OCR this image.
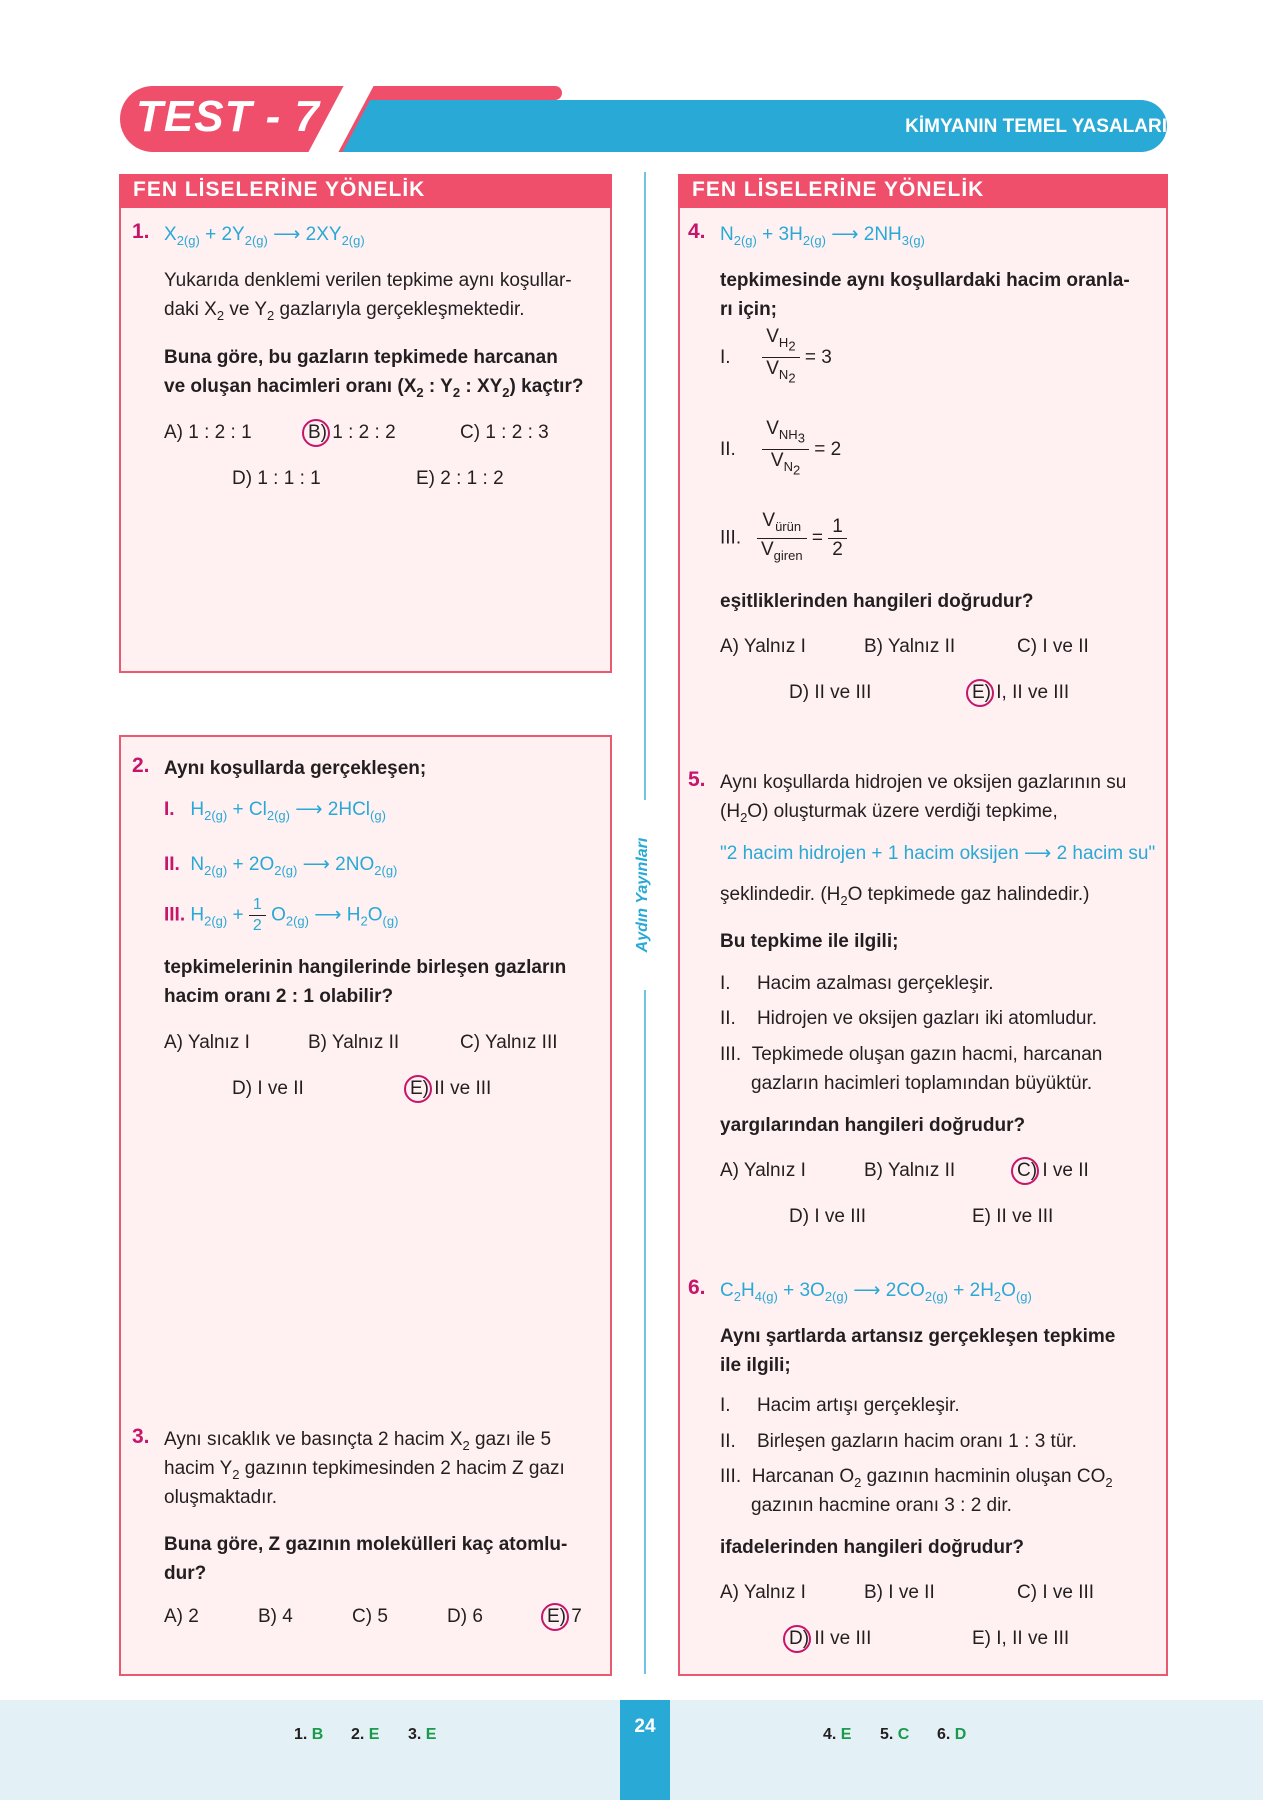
TEST - 7	KİMYANIN TEMEL YASALARI
FEN LİSELERİNE YÖNELİK	FEN LİSELERİNE YÖNELİK
Aydın Yayınları
1. $X_{2(g)} + 2Y_{2(g)}$ ⟶ $2XY_{2(g)}$
Yukarıda denklemi verilen tepkime aynı koşullar-
daki $X_2$ ve $Y_2$ gazlarıyla gerçekleşmektedir.
Buna göre, bu gazların tepkimede harcanan
ve oluşan hacimleri oranı ($X_2$ : $Y_2$ : $XY_2$) kaçtır?
A) 1 : 2 : 1	B) 1 : 2 : 2	C) 1 : 2 : 3
D) 1 : 1 : 1	E) 2 : 1 : 2
2. Aynı koşullarda gerçekleşen;
I.   $H_{2(g)} + Cl_{2(g)}$ ⟶ 2HCl$_{(g)}$
II.  $N_{2(g)} + 2O_{2(g)}$ ⟶ $2NO_{2(g)}$
III. $H_{2(g)} + \frac{1}{2} O_{2(g)}$ ⟶ $H_2O_{(g)}$
tepkimelerinin hangilerinde birleşen gazların
hacim oranı 2 : 1 olabilir?
A) Yalnız I	B) Yalnız II	C) Yalnız III
D) I ve II	E) II ve III
3. Aynı sıcaklık ve basınçta 2 hacim $X_2$ gazı ile 5
hacim $Y_2$ gazının tepkimesinden 2 hacim Z gazı
oluşmaktadır.
Buna göre, Z gazının molekülleri kaç atomlu-
dur?
A) 2	B) 4	C) 5	D) 6	E) 7
4. $N_{2(g)} + 3H_{2(g)}$ ⟶ $2NH_{3(g)}$
tepkimesinde aynı koşullardaki hacim oranla-
rı için;
I. $\frac{V_{H_2}}{V_{N_2}} = 3$
II. $\frac{V_{NH_3}}{V_{N_2}} = 2$
III. $\frac{V_{ürün}}{V_{giren}} = \frac{1}{2}$
eşitliklerinden hangileri doğrudur?
A) Yalnız I	B) Yalnız II	C) I ve II
D) II ve III	E) I, II ve III
5. Aynı koşullarda hidrojen ve oksijen gazlarının su
$(H_2O)$ oluşturmak üzere verdiği tepkime,
"2 hacim hidrojen + 1 hacim oksijen ⟶ 2 hacim su"
şeklindedir. ($H_2O$ tepkimede gaz halindedir.)
Bu tepkime ile ilgili;
I.     Hacim azalması gerçekleşir.
II.    Hidrojen ve oksijen gazları iki atomludur.
III.  Tepkimede oluşan gazın hacmi, harcanan
gazların hacimleri toplamından büyüktür.
yargılarından hangileri doğrudur?
A) Yalnız I	B) Yalnız II	C) I ve II
D) I ve III	E) II ve III
6. $C_2H_{4(g)} + 3O_{2(g)}$ ⟶ $2CO_{2(g)} + 2H_2O_{(g)}$
Aynı şartlarda artansız gerçekleşen tepkime
ile ilgili;
I.     Hacim artışı gerçekleşir.
II.    Birleşen gazların hacim oranı 1 : 3 tür.
III.  Harcanan $O_2$ gazının hacminin oluşan $CO_2$
gazının hacmine oranı 3 : 2 dir.
ifadelerinden hangileri doğrudur?
A) Yalnız I	B) I ve II	C) I ve III
D) II ve III	E) I, II ve III
24
1. B 2. E 3. E	4. E 5. C 6. D
